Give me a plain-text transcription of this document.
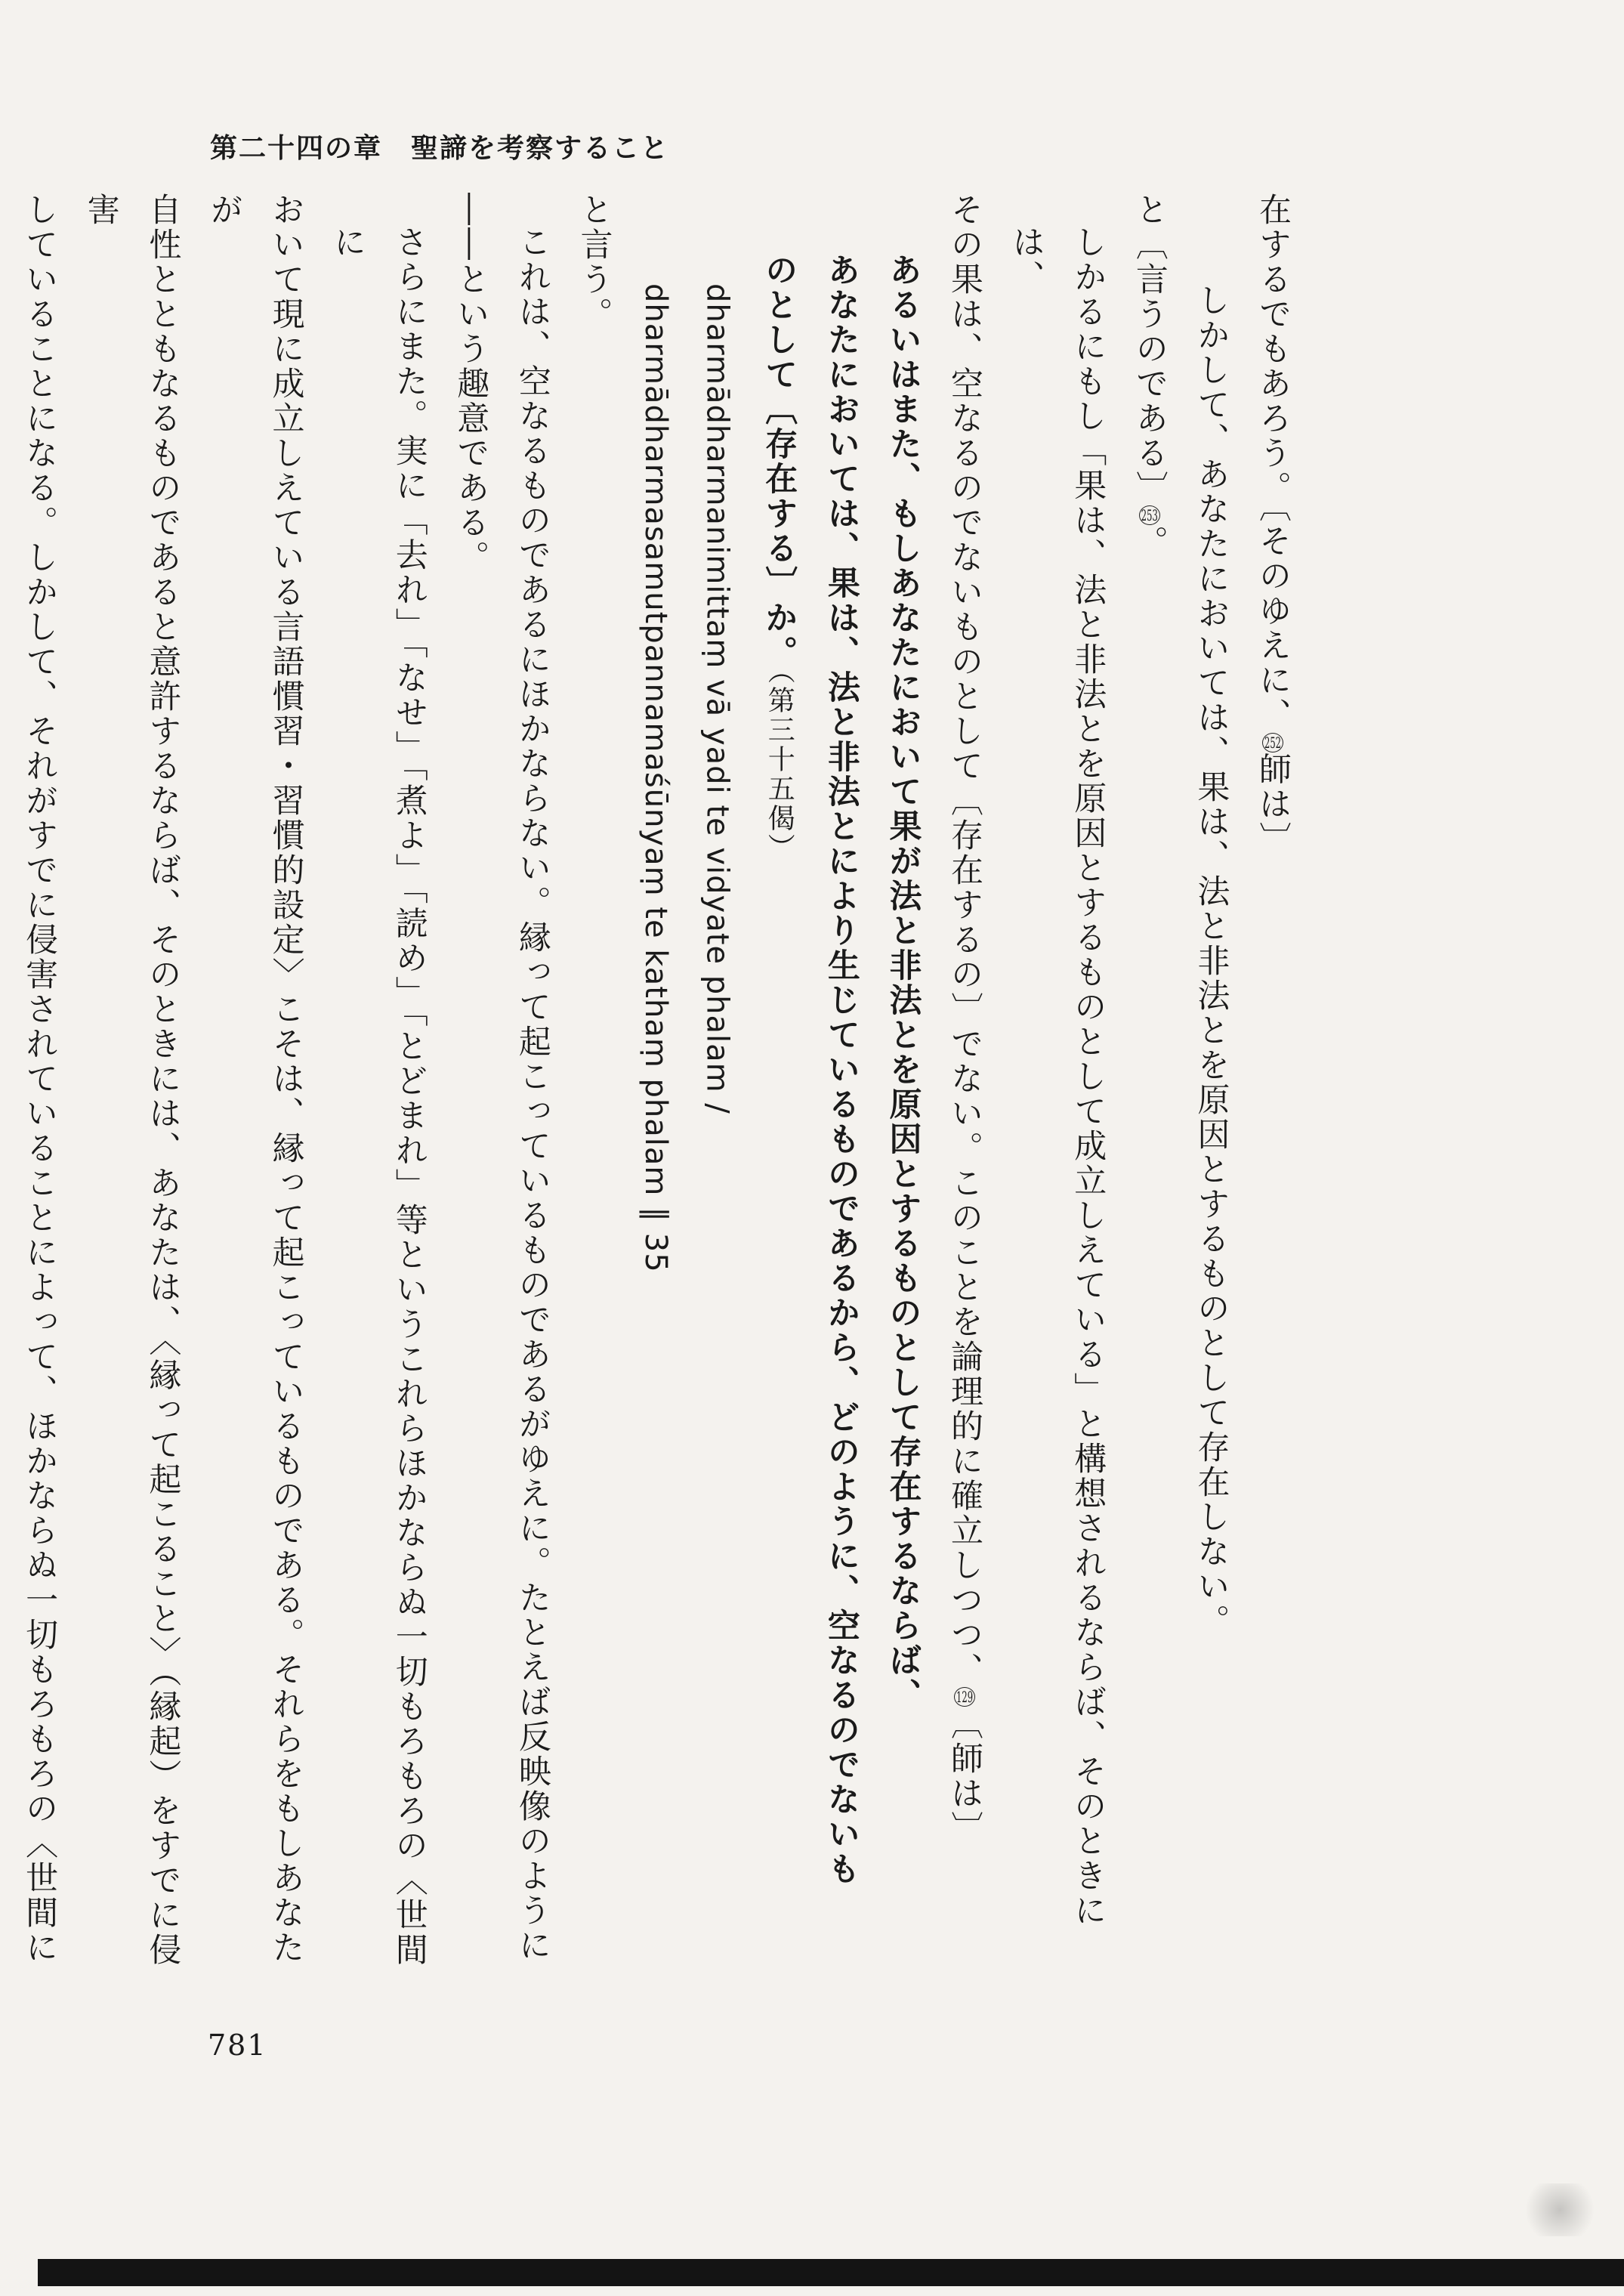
第二十四の章　聖諦を考察すること

在するでもあろう。〔そのゆえに、252師は〕

しかして、あなたにおいては、果は、法と非法とを原因とするものとして存在しない。

と〔言うのである〕253。

しかるにもし「果は、法と非法とを原因とするものとして成立しえている」と構想されるならば、そのときには、

その果は、空なるのでないものとして〔存在するの〕でない。このことを論理的に確立しつつ、129〔師は〕

あるいはまた、もしあなたにおいて果が法と非法とを原因とするものとして存在するならば、

あなたにおいては、果は、法と非法とにより生じているものであるから、どのように、空なるのでないも

のとして〔存在する〕か。（第三十五偈）

dharmādharmanimittaṃ vā yadi te vidyate phalam /

dharmādharmasamutpannamaśūnyaṃ te kathaṃ phalam ∥ 35

と言う。

これは、空なるものであるにほかならない。縁って起こっているものであるがゆえに。たとえば反映像のように

――という趣意である。

さらにまた。実に「去れ」「なせ」「煮よ」「読め」「とどまれ」等というこれらほかならぬ一切もろもろの〈世間に

おいて現に成立しえている言語慣習・習慣的設定〉こそは、縁って起こっているものである。それらをもしあなたが

自性とともなるものであると意許するならば、そのときには、あなたは、〈縁って起こること〉（縁起）をすでに侵害

していることになる。しかして、それがすでに侵害されていることによって、ほかならぬ一切もろもろの〈世間に

781
